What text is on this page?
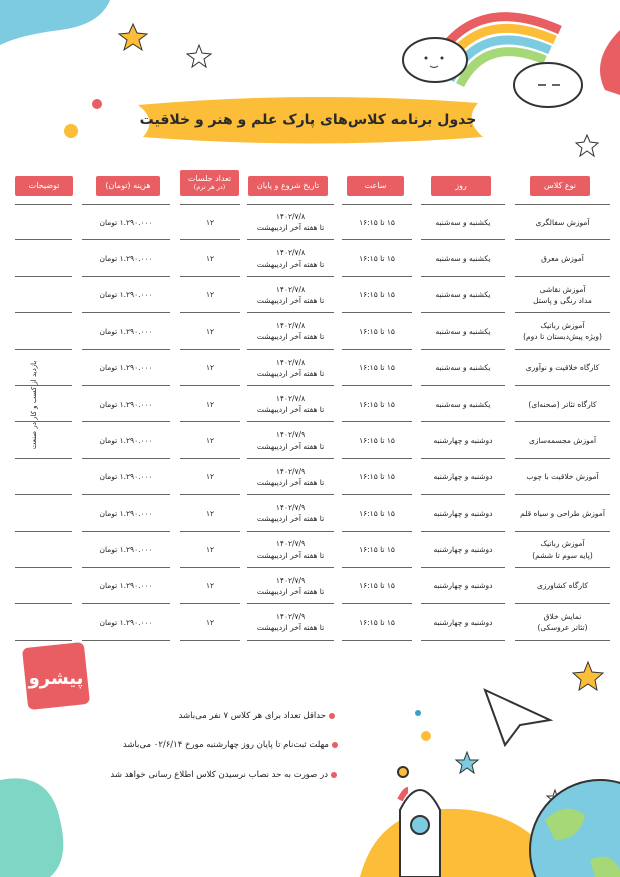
پیشرو
جدول برنامه کلاس‌های پارک علم و هنر و خلاقیت
نوع کلاس
روز
ساعت
تاریخ شروع و پایان
تعداد جلسات
(در هر ترم)
هزینه (تومان)
توضیحات
آموزش سفالگری
یکشنبه و سه‌شنبه
۱۵ تا ۱۶:۱۵
۱۴۰۲/۷/۸
تا هفته آخر اردیبهشت
۱۲
۱.۲۹۰.۰۰۰ تومان
آموزش معرق
یکشنبه و سه‌شنبه
۱۵ تا ۱۶:۱۵
۱۴۰۲/۷/۸
تا هفته آخر اردیبهشت
۱۲
۱.۲۹۰.۰۰۰ تومان
آموزش نقاشی
مداد رنگی و پاستل
یکشنبه و سه‌شنبه
۱۵ تا ۱۶:۱۵
۱۴۰۲/۷/۸
تا هفته آخر اردیبهشت
۱۲
۱.۲۹۰.۰۰۰ تومان
آموزش رباتیک
(ویژه پیش‌دبستان تا دوم)
یکشنبه و سه‌شنبه
۱۵ تا ۱۶:۱۵
۱۴۰۲/۷/۸
تا هفته آخر اردیبهشت
۱۲
۱.۲۹۰.۰۰۰ تومان
کارگاه خلاقیت و نوآوری
یکشنبه و سه‌شنبه
۱۵ تا ۱۶:۱۵
۱۴۰۲/۷/۸
تا هفته آخر اردیبهشت
۱۲
۱.۲۹۰.۰۰۰ تومان
کارگاه تئاتر (صحنه‌ای)
یکشنبه و سه‌شنبه
۱۵ تا ۱۶:۱۵
۱۴۰۲/۷/۸
تا هفته آخر اردیبهشت
۱۲
۱.۲۹۰.۰۰۰ تومان
آموزش مجسمه‌سازی
دوشنبه و چهارشنبه
۱۵ تا ۱۶:۱۵
۱۴۰۲/۷/۹
تا هفته آخر اردیبهشت
۱۲
۱.۲۹۰.۰۰۰ تومان
آموزش خلاقیت با چوب
دوشنبه و چهارشنبه
۱۵ تا ۱۶:۱۵
۱۴۰۲/۷/۹
تا هفته آخر اردیبهشت
۱۲
۱.۲۹۰.۰۰۰ تومان
آموزش طراحی و سیاه قلم
دوشنبه و چهارشنبه
۱۵ تا ۱۶:۱۵
۱۴۰۲/۷/۹
تا هفته آخر اردیبهشت
۱۲
۱.۲۹۰.۰۰۰ تومان
آموزش رباتیک
(پایه سوم تا ششم)
دوشنبه و چهارشنبه
۱۵ تا ۱۶:۱۵
۱۴۰۲/۷/۹
تا هفته آخر اردیبهشت
۱۲
۱.۲۹۰.۰۰۰ تومان
کارگاه کشاورزی
دوشنبه و چهارشنبه
۱۵ تا ۱۶:۱۵
۱۴۰۲/۷/۹
تا هفته آخر اردیبهشت
۱۲
۱.۲۹۰.۰۰۰ تومان
نمایش خلاق
(تئاتر عروسکی)
دوشنبه و چهارشنبه
۱۵ تا ۱۶:۱۵
۱۴۰۲/۷/۹
تا هفته آخر اردیبهشت
۱۲
۱.۲۹۰.۰۰۰ تومان
بازدید از کسب و کار در صنعت
حداقل تعداد برای هر کلاس ۷ نفر می‌باشد
مهلت ثبت‌نام تا پایان روز چهارشنبه مورخ ۰۲/۶/۱۴ می‌باشد
در صورت به حد نصاب نرسیدن کلاس اطلاع رسانی خواهد شد
